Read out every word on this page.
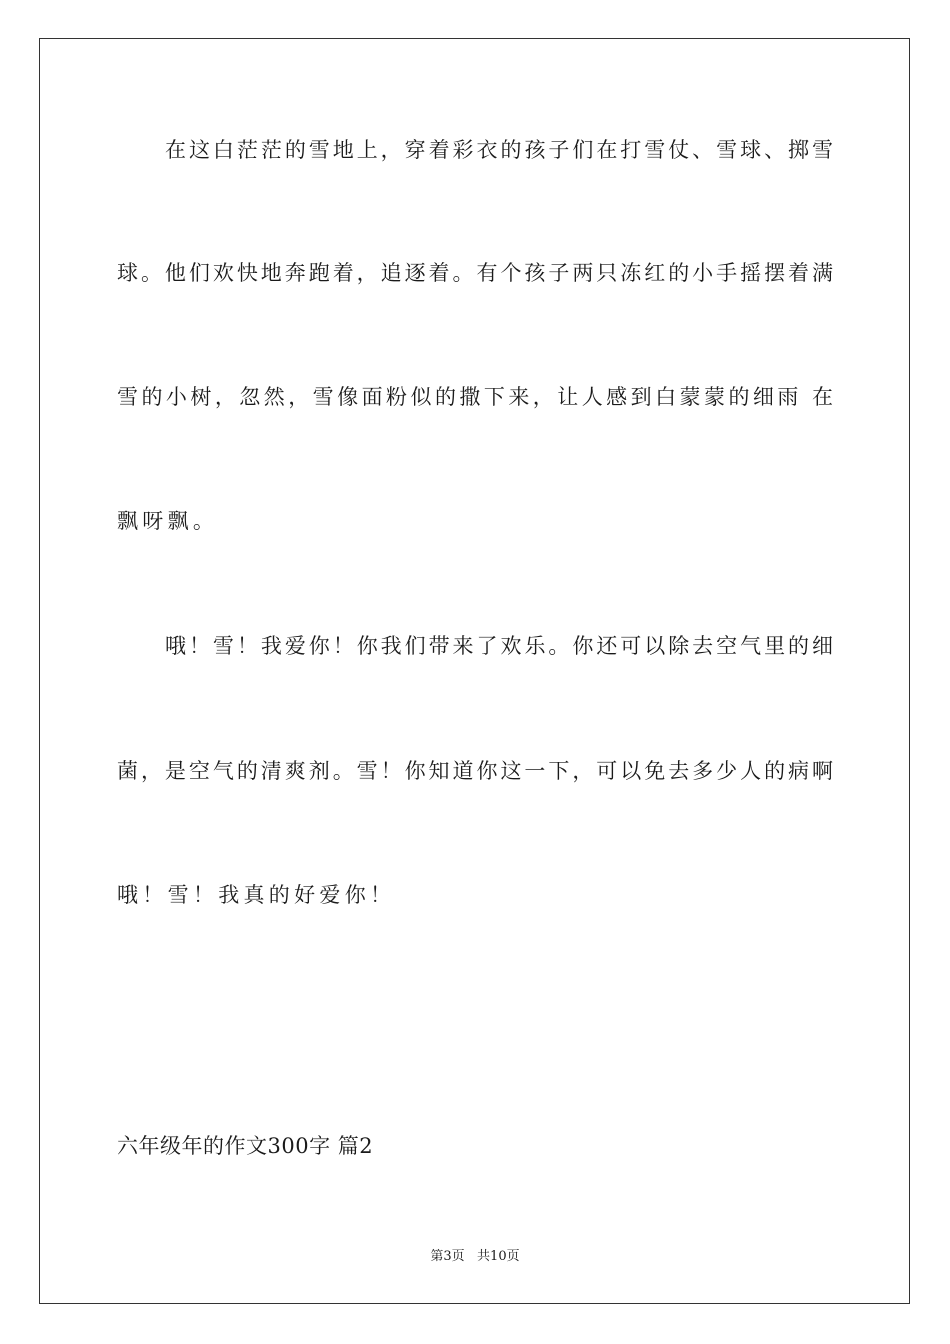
在这白茫茫的雪地上，穿着彩衣的孩子们在打雪仗、雪球、掷雪
球。他们欢快地奔跑着，追逐着。有个孩子两只冻红的小手摇摆着满
雪的小树，忽然，雪像面粉似的撒下来，让人感到白蒙蒙的细雨 在
飘呀飘。
哦！雪！我爱你！你我们带来了欢乐。你还可以除去空气里的细
菌，是空气的清爽剂。雪！你知道你这一下，可以免去多少人的病啊
哦！雪！我真的好爱你！
六年级年的作文300字 篇2
第3页   共10页
